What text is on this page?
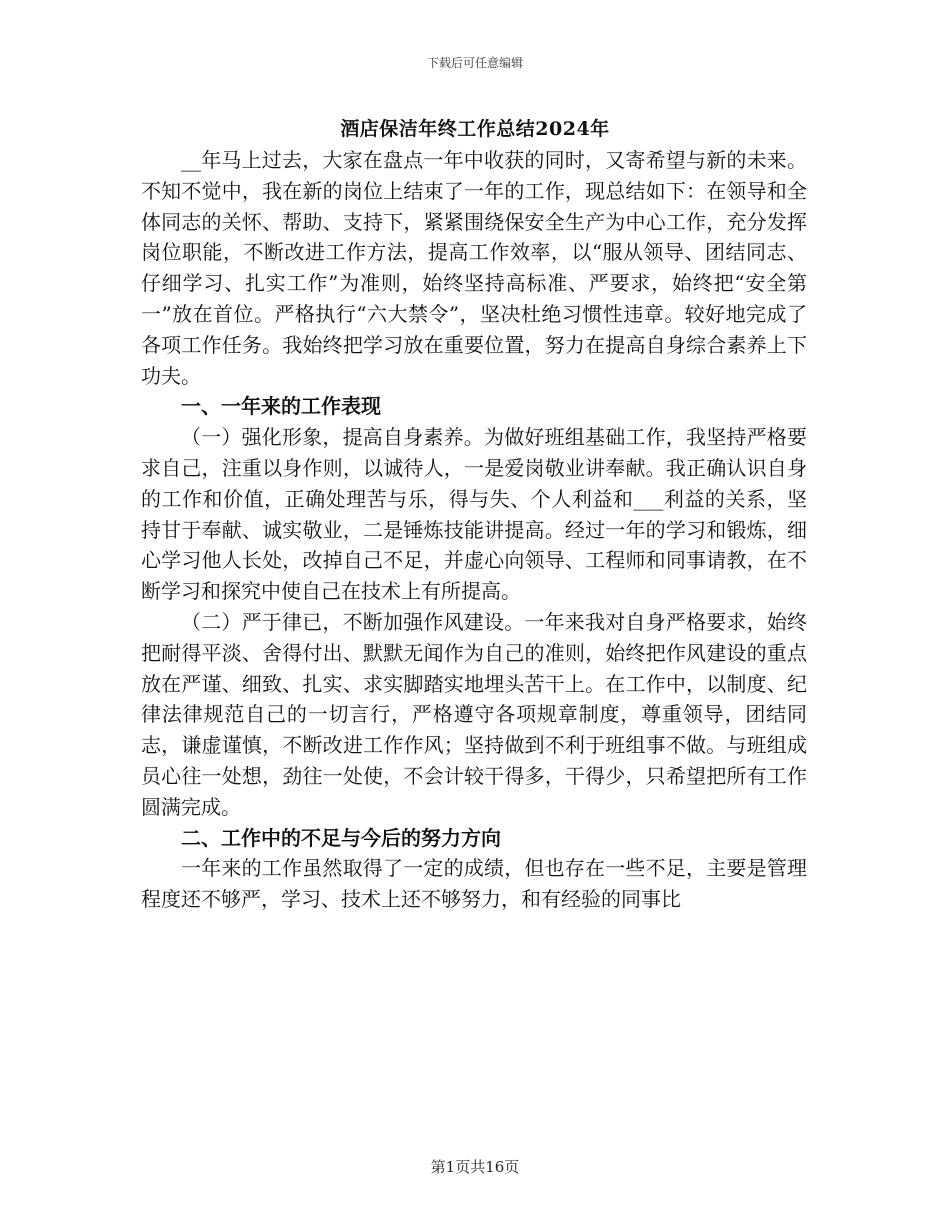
下载后可任意编辑
酒店保洁年终工作总结2024年

__年马上过去，大家在盘点一年中收获的同时，又寄希望与新的未来。不知不觉中，我在新的岗位上结束了一年的工作，现总结如下：在领导和全体同志的关怀、帮助、支持下，紧紧围绕保安全生产为中心工作，充分发挥岗位职能，不断改进工作方法，提高工作效率，以“服从领导、团结同志、仔细学习、扎实工作”为准则，始终坚持高标准、严要求，始终把“安全第一”放在首位。严格执行“六大禁令”，坚决杜绝习惯性违章。较好地完成了各项工作任务。我始终把学习放在重要位置，努力在提高自身综合素养上下功夫。

一、一年来的工作表现

（一）强化形象，提高自身素养。为做好班组基础工作，我坚持严格要求自己，注重以身作则，以诚待人，一是爱岗敬业讲奉献。我正确认识自身的工作和价值，正确处理苦与乐，得与失、个人利益和___利益的关系，坚持甘于奉献、诚实敬业，二是锤炼技能讲提高。经过一年的学习和锻炼，细心学习他人长处，改掉自己不足，并虚心向领导、工程师和同事请教，在不断学习和探究中使自己在技术上有所提高。

（二）严于律已，不断加强作风建设。一年来我对自身严格要求，始终把耐得平淡、舍得付出、默默无闻作为自己的准则，始终把作风建设的重点放在严谨、细致、扎实、求实脚踏实地埋头苦干上。在工作中，以制度、纪律法律规范自己的一切言行，严格遵守各项规章制度，尊重领导，团结同志，谦虚谨慎，不断改进工作作风；坚持做到不利于班组事不做。与班组成员心往一处想，劲往一处使，不会计较干得多，干得少，只希望把所有工作圆满完成。

二、工作中的不足与今后的努力方向

一年来的工作虽然取得了一定的成绩，但也存在一些不足，主要是管理程度还不够严，学习、技术上还不够努力，和有经验的同事比

第1页共16页
